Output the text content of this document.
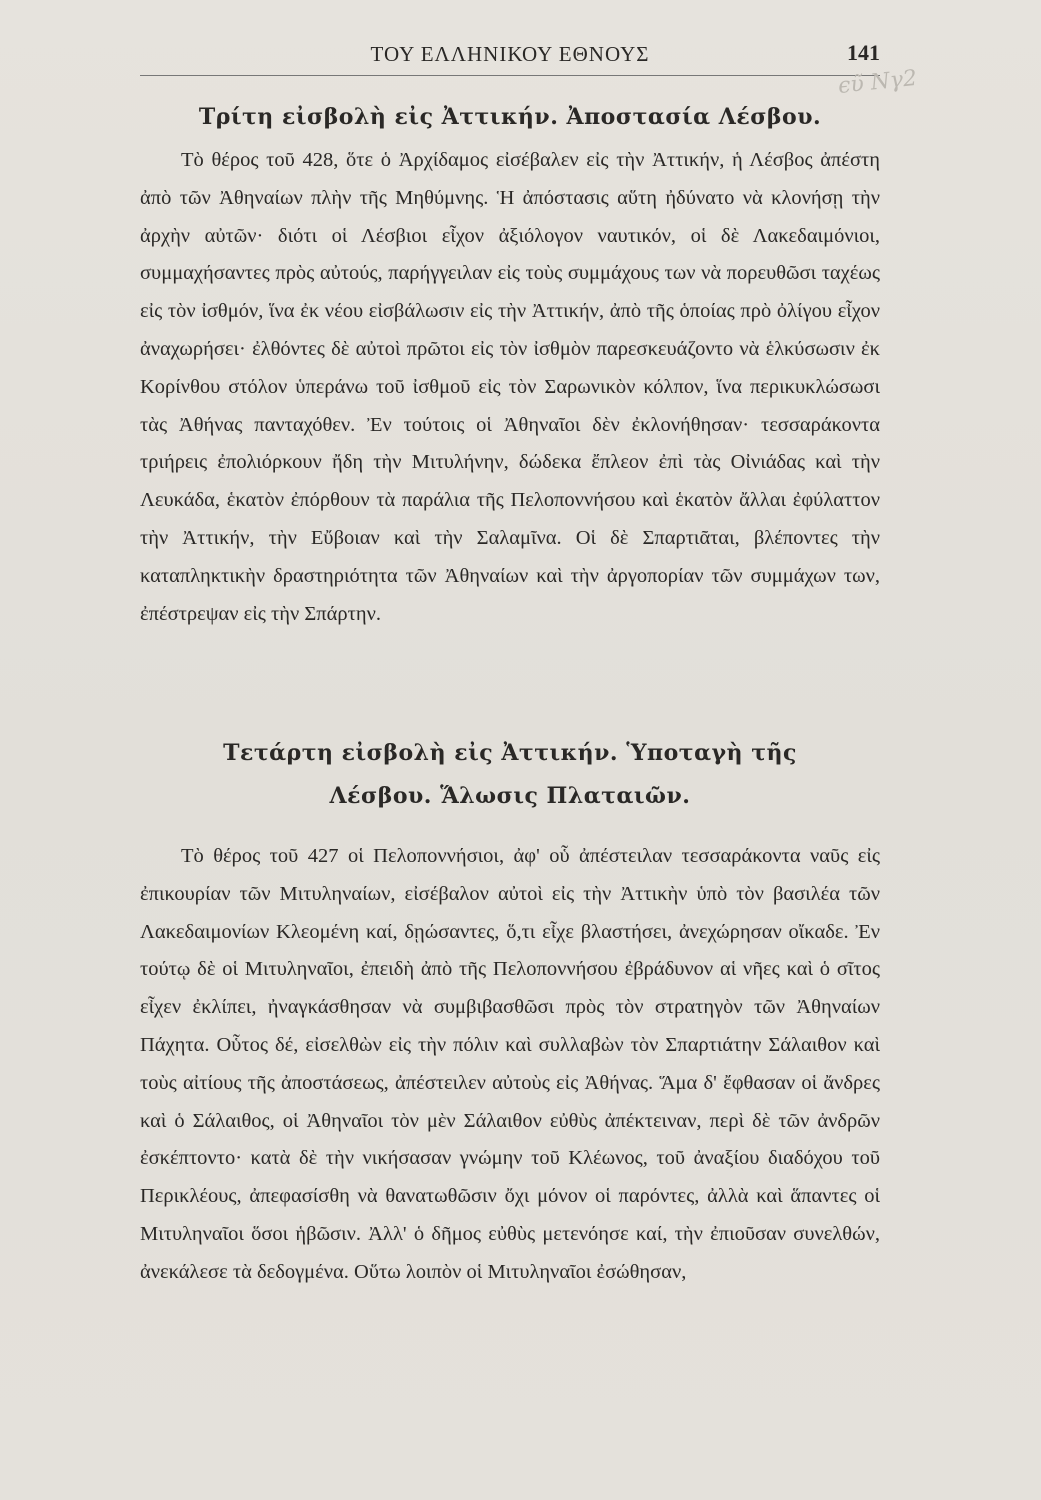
ΤΟΥ ΕΛΛΗΝΙΚΟΥ ΕΘΝΟΥΣ	141
ϵυ̃ Νγ2
Τρίτη εἰσβολὴ εἰς Ἀττικήν. Ἀποστασία Λέσβου.

Τὸ θέρος τοῦ 428, ὅτε ὁ Ἀρχίδαμος εἰσέβαλεν εἰς τὴν Ἀττικήν, ἡ Λέσβος ἀπέστη ἀπὸ τῶν Ἀθηναίων πλὴν τῆς Μηθύμνης. Ἡ ἀπόστασις αὕτη ἠδύνατο νὰ κλονήσῃ τὴν ἀρχὴν αὐτῶν· διότι οἱ Λέσβιοι εἶχον ἀξιόλογον ναυτικόν, οἱ δὲ Λακεδαιμόνιοι, συμμαχήσαντες πρὸς αὐτούς, παρήγγειλαν εἰς τοὺς συμμάχους των νὰ πορευθῶσι ταχέως εἰς τὸν ἰσθμόν, ἵνα ἐκ νέου εἰσβάλωσιν εἰς τὴν Ἀττικήν, ἀπὸ τῆς ὁποίας πρὸ ὀλίγου εἶχον ἀναχωρήσει· ἐλθόντες δὲ αὐτοὶ πρῶτοι εἰς τὸν ἰσθμὸν παρεσκευάζοντο νὰ ἑλκύσωσιν ἐκ Κορίνθου στόλον ὑπεράνω τοῦ ἰσθμοῦ εἰς τὸν Σαρωνικὸν κόλπον, ἵνα περικυκλώσωσι τὰς Ἀθήνας πανταχόθεν. Ἐν τούτοις οἱ Ἀθηναῖοι δὲν ἐκλονήθησαν· τεσσαράκοντα τριήρεις ἐπολιόρκουν ἤδη τὴν Μιτυλήνην, δώδεκα ἔπλεον ἐπὶ τὰς Οἰνιάδας καὶ τὴν Λευκάδα, ἑκατὸν ἐπόρθουν τὰ παράλια τῆς Πελοποννήσου καὶ ἑκατὸν ἄλλαι ἐφύλαττον τὴν Ἀττικήν, τὴν Εὔβοιαν καὶ τὴν Σαλαμῖνα. Οἱ δὲ Σπαρτιᾶται, βλέποντες τὴν καταπληκτικὴν δραστηριότητα τῶν Ἀθηναίων καὶ τὴν ἀργοπορίαν τῶν συμμάχων των, ἐπέστρεψαν εἰς τὴν Σπάρτην.

Τετάρτη εἰσβολὴ εἰς Ἀττικήν. Ὑποταγὴ τῆς
Λέσβου. Ἅλωσις Πλαταιῶν.

Τὸ θέρος τοῦ 427 οἱ Πελοποννήσιοι, ἀφ' οὗ ἀπέστειλαν τεσσαράκοντα ναῦς εἰς ἐπικουρίαν τῶν Μιτυληναίων, εἰσέβαλον αὐτοὶ εἰς τὴν Ἀττικὴν ὑπὸ τὸν βασιλέα τῶν Λακεδαιμονίων Κλεομένη καί, δῃώσαντες, ὅ,τι εἶχε βλαστήσει, ἀνεχώρησαν οἴκαδε. Ἐν τούτῳ δὲ οἱ Μιτυληναῖοι, ἐπειδὴ ἀπὸ τῆς Πελοποννήσου ἐβράδυνον αἱ νῆες καὶ ὁ σῖτος εἶχεν ἐκλίπει, ἠναγκάσθησαν νὰ συμβιβασθῶσι πρὸς τὸν στρατηγὸν τῶν Ἀθηναίων Πάχητα. Οὗτος δέ, εἰσελθὼν εἰς τὴν πόλιν καὶ συλλαβὼν τὸν Σπαρτιάτην Σάλαιθον καὶ τοὺς αἰτίους τῆς ἀποστάσεως, ἀπέστειλεν αὐτοὺς εἰς Ἀθήνας. Ἅμα δ' ἔφθασαν οἱ ἄνδρες καὶ ὁ Σάλαιθος, οἱ Ἀθηναῖοι τὸν μὲν Σάλαιθον εὐθὺς ἀπέκτειναν, περὶ δὲ τῶν ἀνδρῶν ἐσκέπτοντο· κατὰ δὲ τὴν νικήσασαν γνώμην τοῦ Κλέωνος, τοῦ ἀναξίου διαδόχου τοῦ Περικλέους, ἀπεφασίσθη νὰ θανατωθῶσιν ὄχι μόνον οἱ παρόντες, ἀλλὰ καὶ ἅπαντες οἱ Μιτυληναῖοι ὅσοι ἡβῶσιν. Ἀλλ' ὁ δῆμος εὐθὺς μετενόησε καί, τὴν ἐπιοῦσαν συνελθών, ἀνεκάλεσε τὰ δεδογμένα. Οὕτω λοιπὸν οἱ Μιτυληναῖοι ἐσώθησαν,
